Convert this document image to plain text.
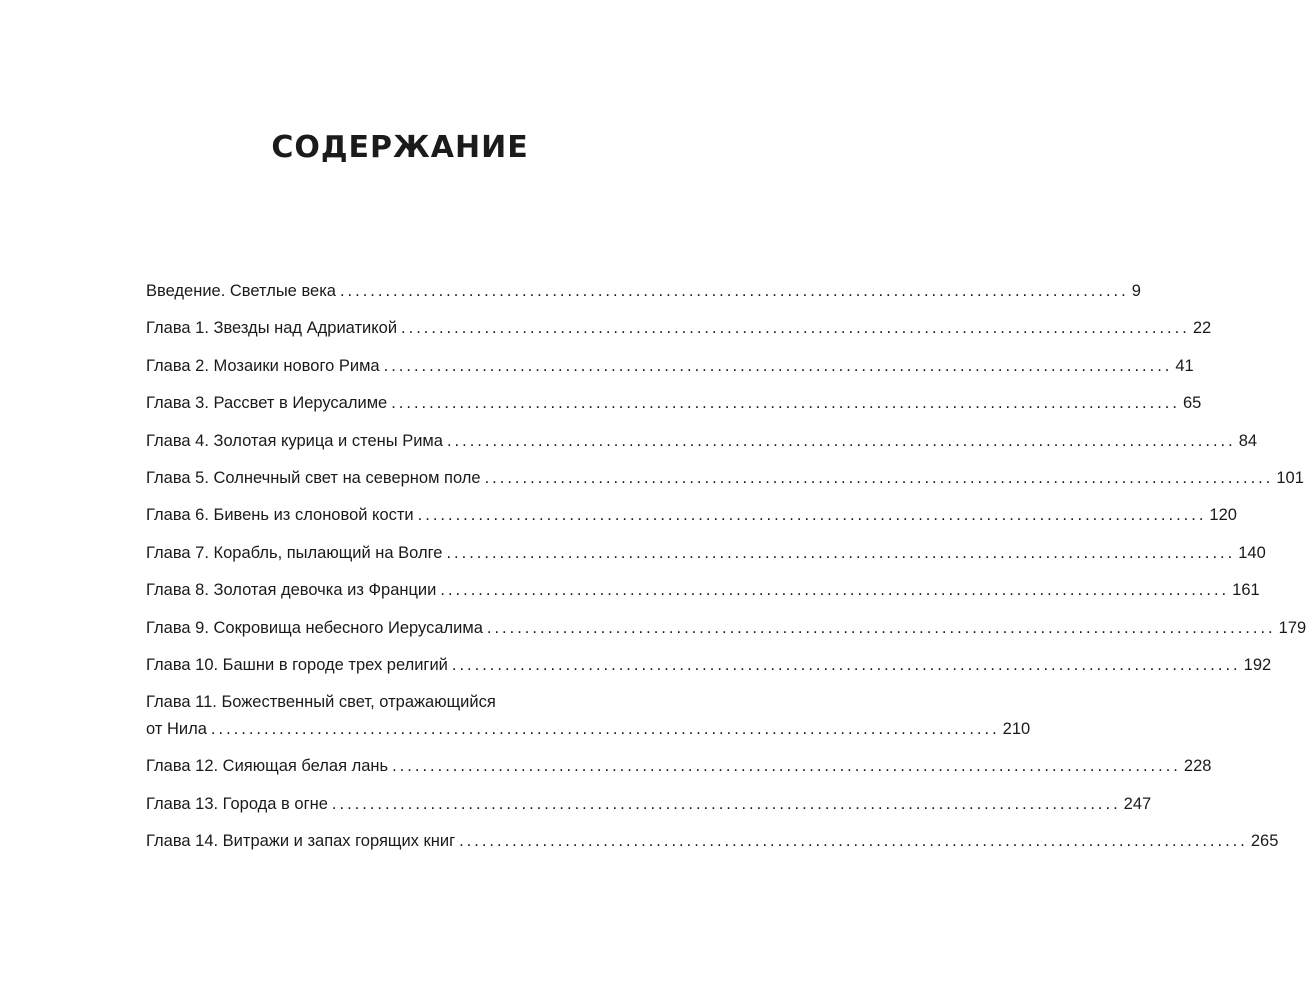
СОДЕРЖАНИЕ
Введение. Светлые века ........................................................................................................ 9
Глава 1. Звезды над Адриатикой ........................................................................................................ 22
Глава 2. Мозаики нового Рима ........................................................................................................ 41
Глава 3. Рассвет в Иерусалиме ........................................................................................................ 65
Глава 4. Золотая курица и стены Рима ........................................................................................................ 84
Глава 5. Солнечный свет на северном поле ........................................................................................................ 101
Глава 6. Бивень из слоновой кости ........................................................................................................ 120
Глава 7. Корабль, пылающий на Волге ........................................................................................................ 140
Глава 8. Золотая девочка из Франции ........................................................................................................ 161
Глава 9. Сокровища небесного Иерусалима ........................................................................................................ 179
Глава 10. Башни в городе трех религий ........................................................................................................ 192
Глава 11. Божественный свет, отражающийся
от Нила ........................................................................................................ 210
Глава 12. Сияющая белая лань ........................................................................................................ 228
Глава 13. Города в огне ........................................................................................................ 247
Глава 14. Витражи и запах горящих книг ........................................................................................................ 265
